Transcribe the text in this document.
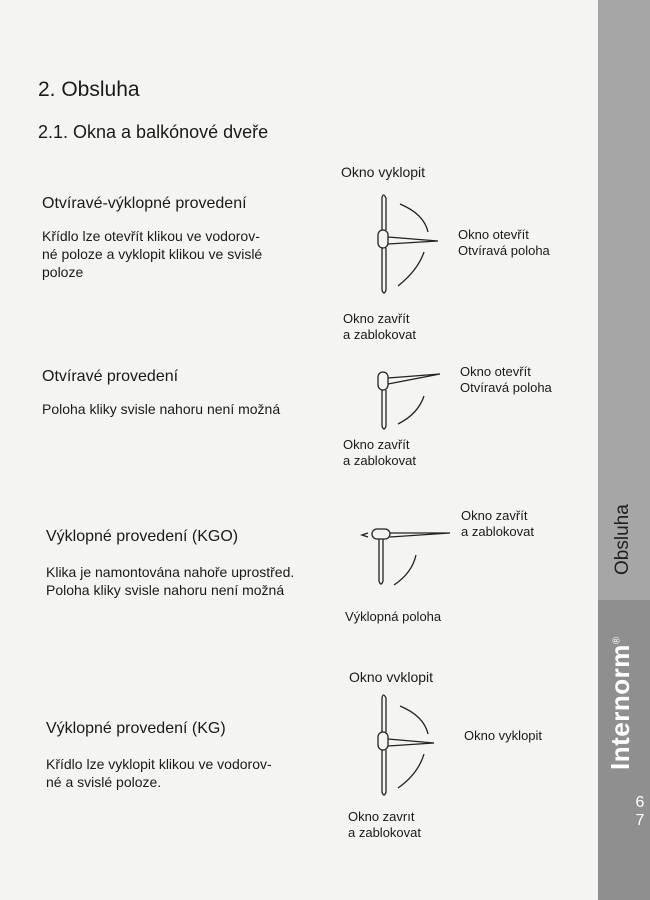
2. Obsluha
2.1. Okna a balkónové dveře
Otvíravé-výklopné provedení
Křídlo lze otevřít klikou ve vodorov-
né poloze a vyklopit klikou ve svislé
poloze
Okno vyklopit
Okno otevřít
Otvíravá poloha
Okno zavřít
a zablokovat
Otvíravé provedení
Poloha kliky svisle nahoru není možná
Okno otevřít
Otvíravá poloha
Okno zavřít
a zablokovat
Výklopné provedení (KGO)
Klika je namontována nahoře uprostřed.
Poloha kliky svisle nahoru není možná
Okno zavřít
a zablokovat
Výklopná poloha
Výklopné provedení (KG)
Křídlo lze vyklopit klikou ve vodorov-
né a svislé poloze.
Okno vvklopit
Okno vyklopit
Okno zavrıt
a zablokovat
Obsluha
Internorm®
6
7
